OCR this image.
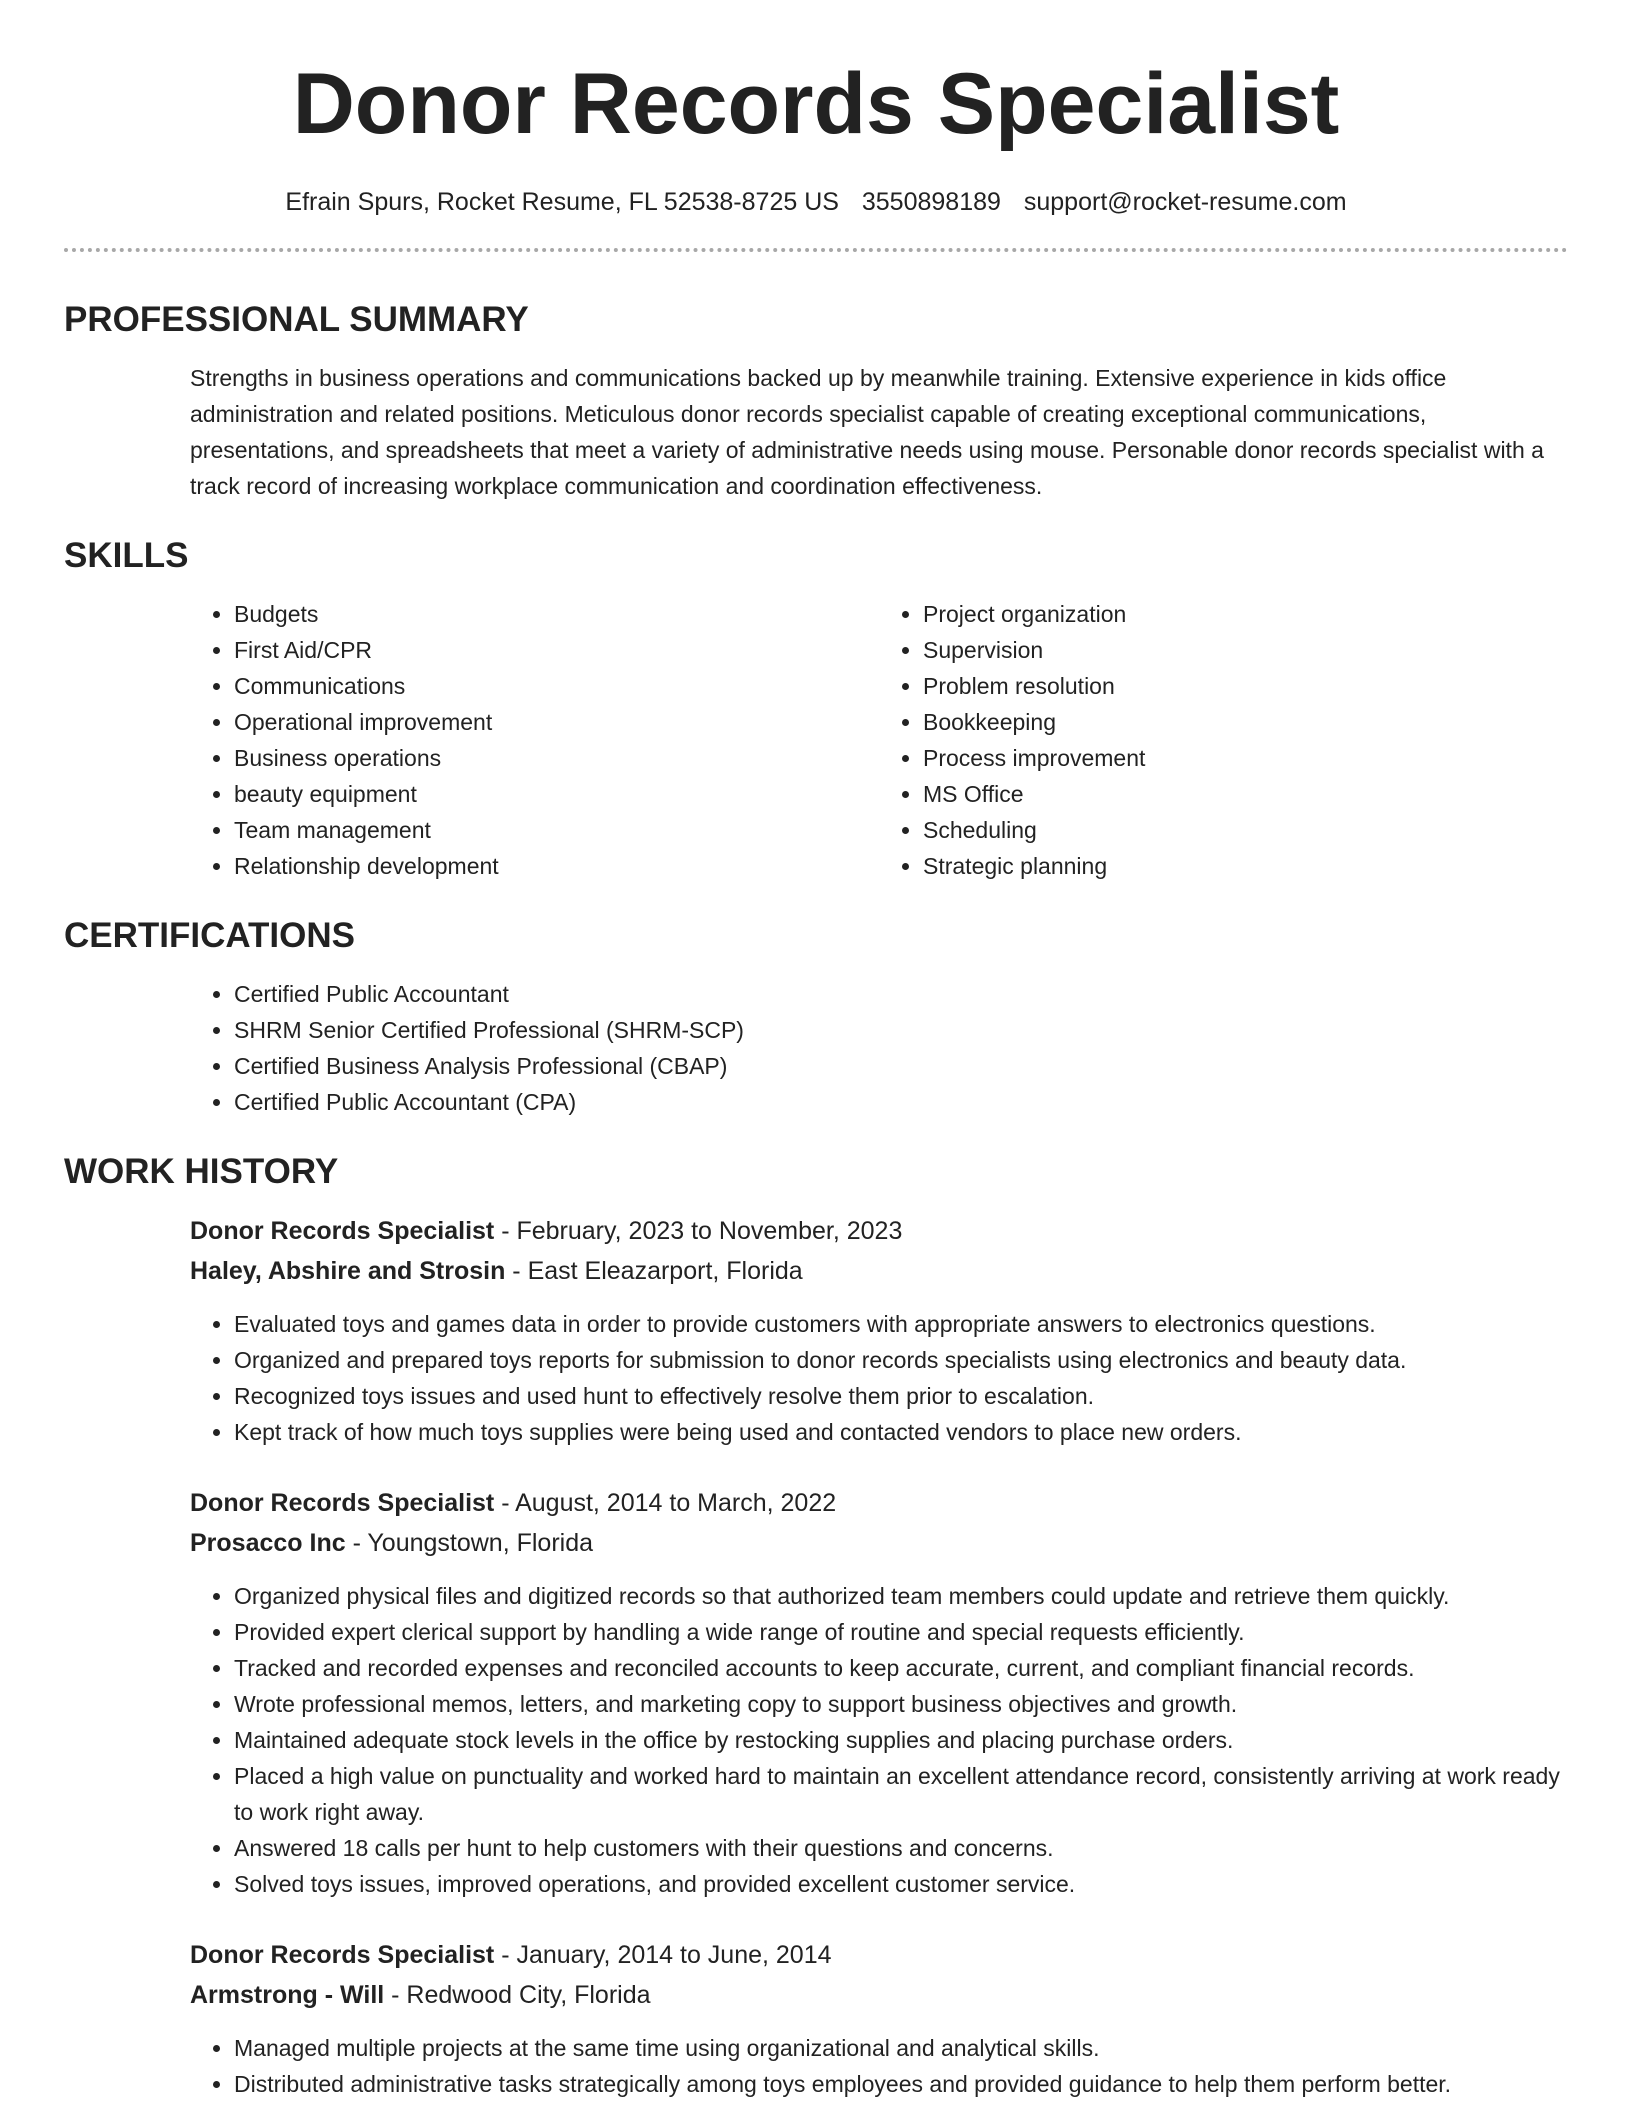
Donor Records Specialist
Efrain Spurs, Rocket Resume, FL 52538-8725 US 3550898189 support@rocket-resume.com
PROFESSIONAL SUMMARY

Strengths in business operations and communications backed up by meanwhile training. Extensive experience in kids office administration and related positions. Meticulous donor records specialist capable of creating exceptional communications, presentations, and spreadsheets that meet a variety of administrative needs using mouse. Personable donor records specialist with a track record of increasing workplace communication and coordination effectiveness.

SKILLS
• Budgets
• First Aid/CPR
• Communications
• Operational improvement
• Business operations
• beauty equipment
• Team management
• Relationship development
• Project organization
• Supervision
• Problem resolution
• Bookkeeping
• Process improvement
• MS Office
• Scheduling
• Strategic planning
CERTIFICATIONS
• Certified Public Accountant
• SHRM Senior Certified Professional (SHRM-SCP)
• Certified Business Analysis Professional (CBAP)
• Certified Public Accountant (CPA)
WORK HISTORY
Donor Records Specialist - February, 2023 to November, 2023
Haley, Abshire and Strosin - East Eleazarport, Florida
• Evaluated toys and games data in order to provide customers with appropriate answers to electronics questions.
• Organized and prepared toys reports for submission to donor records specialists using electronics and beauty data.
• Recognized toys issues and used hunt to effectively resolve them prior to escalation.
• Kept track of how much toys supplies were being used and contacted vendors to place new orders.
Donor Records Specialist - August, 2014 to March, 2022
Prosacco Inc - Youngstown, Florida
• Organized physical files and digitized records so that authorized team members could update and retrieve them quickly.
• Provided expert clerical support by handling a wide range of routine and special requests efficiently.
• Tracked and recorded expenses and reconciled accounts to keep accurate, current, and compliant financial records.
• Wrote professional memos, letters, and marketing copy to support business objectives and growth.
• Maintained adequate stock levels in the office by restocking supplies and placing purchase orders.
• Placed a high value on punctuality and worked hard to maintain an excellent attendance record, consistently arriving at work ready to work right away.
• Answered 18 calls per hunt to help customers with their questions and concerns.
• Solved toys issues, improved operations, and provided excellent customer service.
Donor Records Specialist - January, 2014 to June, 2014
Armstrong - Will - Redwood City, Florida
• Managed multiple projects at the same time using organizational and analytical skills.
• Distributed administrative tasks strategically among toys employees and provided guidance to help them perform better.
